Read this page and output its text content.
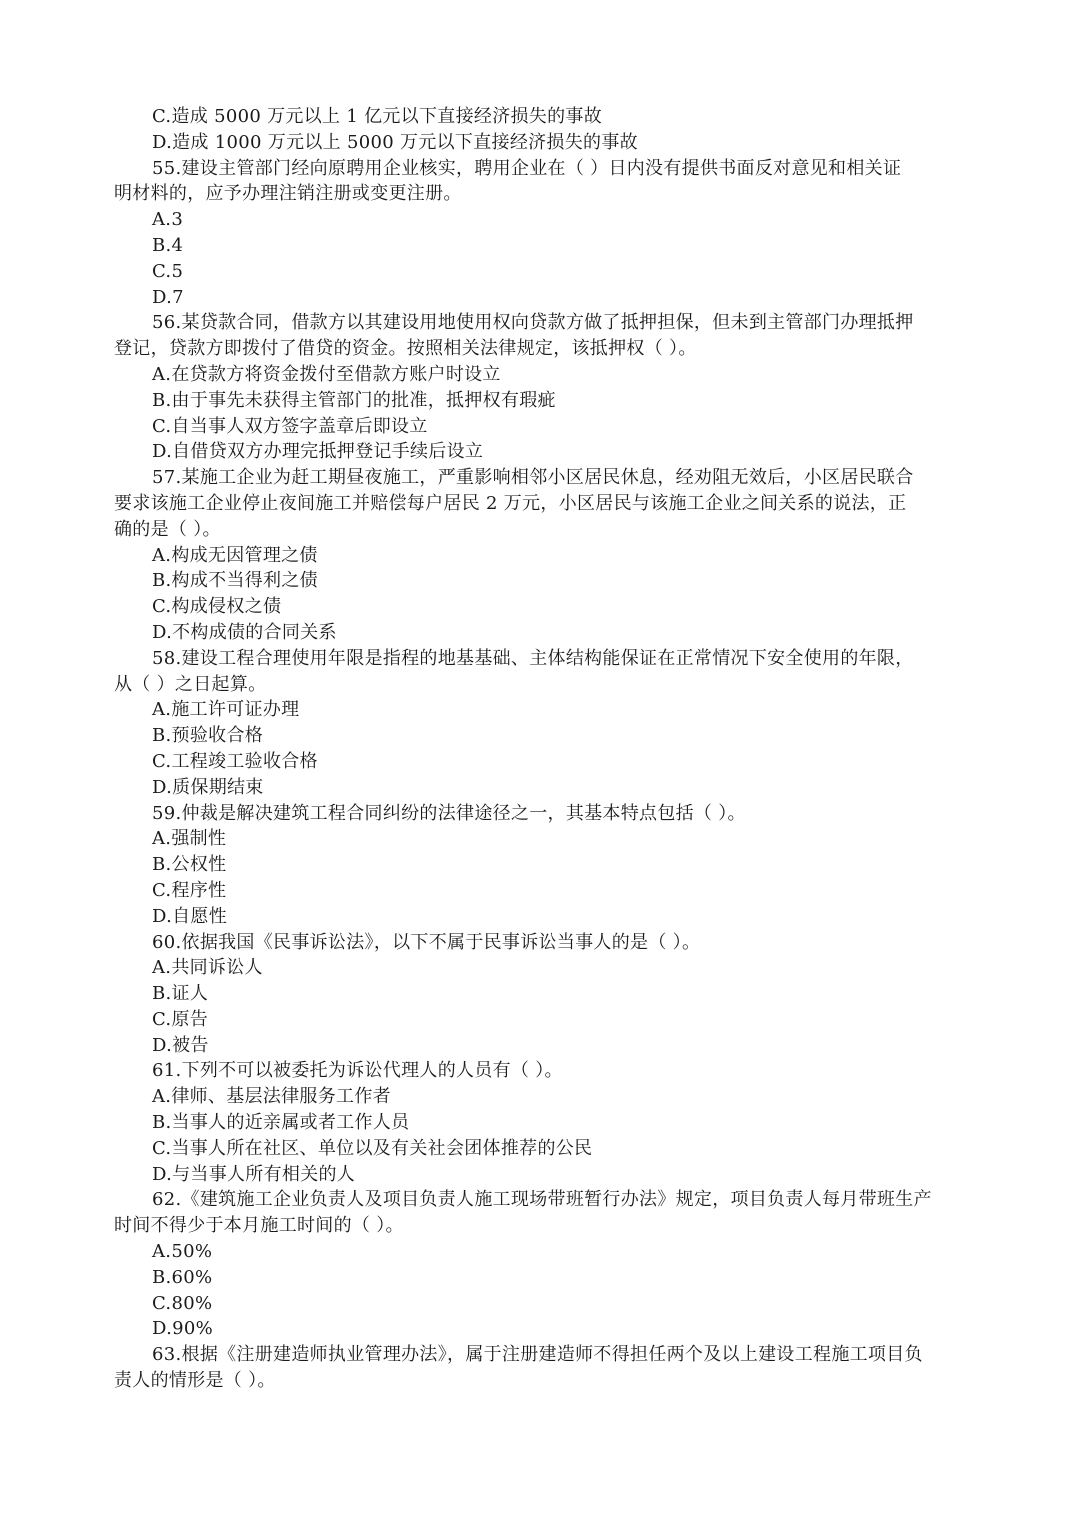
C.造成 5000 万元以上 1 亿元以下直接经济损失的事故
D.造成 1000 万元以上 5000 万元以下直接经济损失的事故
55.建设主管部门经向原聘用企业核实，聘用企业在（ ）日内没有提供书面反对意见和相关证
明材料的，应予办理注销注册或变更注册。
A.3
B.4
C.5
D.7
56.某贷款合同，借款方以其建设用地使用权向贷款方做了抵押担保，但未到主管部门办理抵押
登记，贷款方即拨付了借贷的资金。按照相关法律规定，该抵押权（ ）。
A.在贷款方将资金拨付至借款方账户时设立
B.由于事先未获得主管部门的批准，抵押权有瑕疵
C.自当事人双方签字盖章后即设立
D.自借贷双方办理完抵押登记手续后设立
57.某施工企业为赶工期昼夜施工，严重影响相邻小区居民休息，经劝阻无效后，小区居民联合
要求该施工企业停止夜间施工并赔偿每户居民 2 万元，小区居民与该施工企业之间关系的说法，正
确的是（ ）。
A.构成无因管理之债
B.构成不当得利之债
C.构成侵权之债
D.不构成债的合同关系
58.建设工程合理使用年限是指程的地基基础、主体结构能保证在正常情况下安全使用的年限，
从（ ）之日起算。
A.施工许可证办理
B.预验收合格
C.工程竣工验收合格
D.质保期结束
59.仲裁是解决建筑工程合同纠纷的法律途径之一，其基本特点包括（ ）。
A.强制性
B.公权性
C.程序性
D.自愿性
60.依据我国《民事诉讼法》，以下不属于民事诉讼当事人的是（ ）。
A.共同诉讼人
B.证人
C.原告
D.被告
61.下列不可以被委托为诉讼代理人的人员有（ ）。
A.律师、基层法律服务工作者
B.当事人的近亲属或者工作人员
C.当事人所在社区、单位以及有关社会团体推荐的公民
D.与当事人所有相关的人
62.《建筑施工企业负责人及项目负责人施工现场带班暂行办法》规定，项目负责人每月带班生产
时间不得少于本月施工时间的（ ）。
A.50%
B.60%
C.80%
D.90%
63.根据《注册建造师执业管理办法》，属于注册建造师不得担任两个及以上建设工程施工项目负
责人的情形是（ ）。
